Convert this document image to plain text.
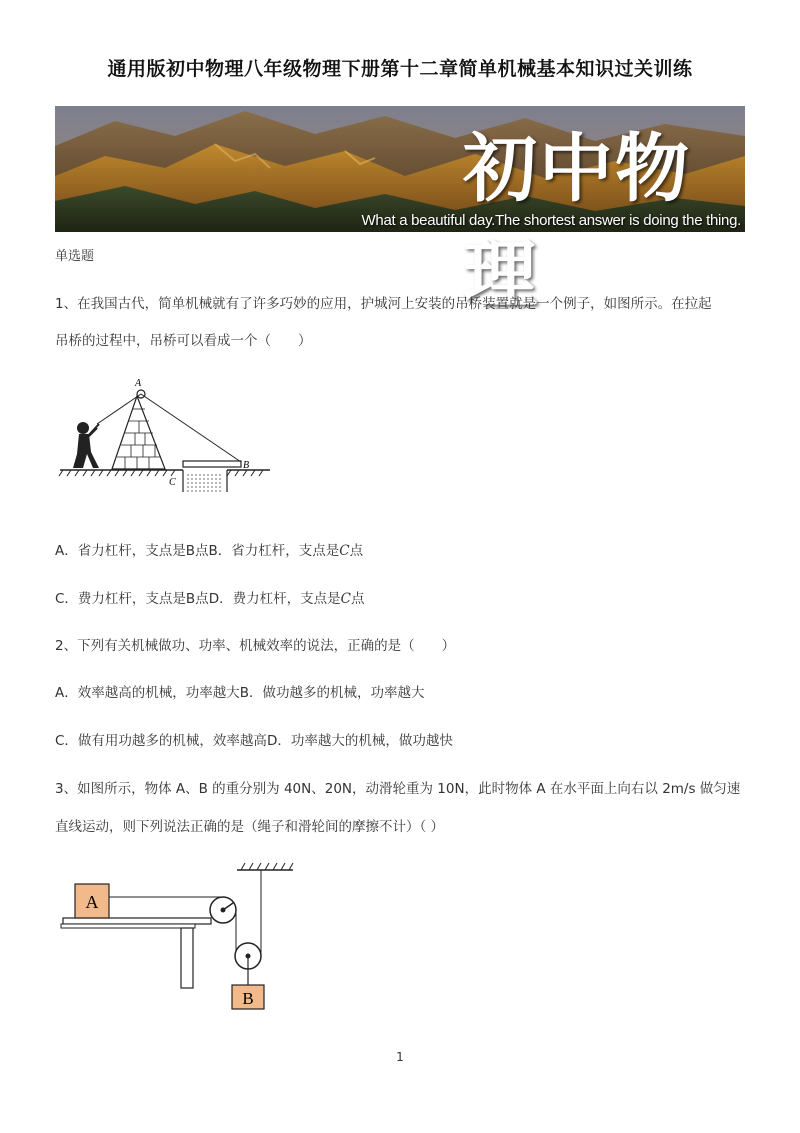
通用版初中物理八年级物理下册第十二章简单机械基本知识过关训练
初中物理
What a beautiful day.The shortest answer is doing the thing.
单选题
1、在我国古代，简单机械就有了许多巧妙的应用，护城河上安装的吊桥装置就是一个例子，如图所示。在拉起
吊桥的过程中，吊桥可以看成一个（　　）
A
B
C
A．省力杠杆，支点是B点B．省力杠杆，支点是C点
C．费力杠杆，支点是B点D．费力杠杆，支点是C点
2、下列有关机械做功、功率、机械效率的说法，正确的是（　　）
A．效率越高的机械，功率越大B．做功越多的机械，功率越大
C．做有用功越多的机械，效率越高D．功率越大的机械，做功越快
3、如图所示，物体 A、B 的重分别为 40N、20N，动滑轮重为 10N，此时物体 A 在水平面上向右以 2m/s 做匀速
直线运动，则下列说法正确的是（绳子和滑轮间的摩擦不计）（ ）
A
B
1
